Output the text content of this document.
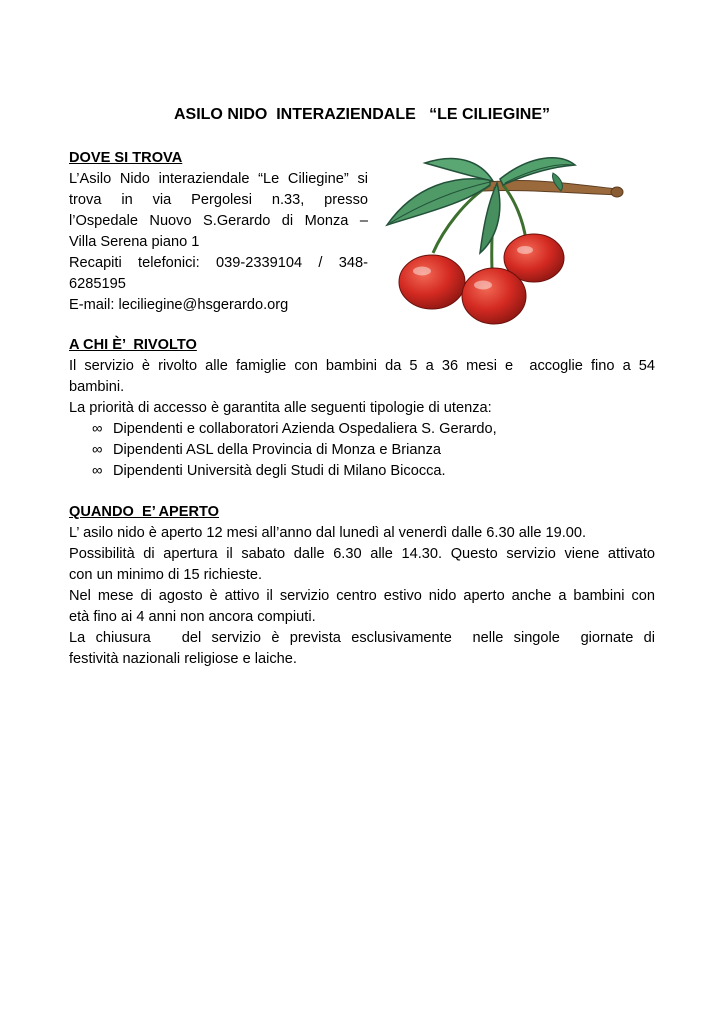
ASILO NIDO  INTERAZIENDALE   “LE CILIEGINE”
DOVE SI TROVA
L’Asilo Nido interaziendale “Le Ciliegine” si
trova in via Pergolesi n.33, presso
l’Ospedale Nuovo S.Gerardo di Monza –
Villa Serena piano 1
Recapiti telefonici: 039-2339104 / 348-
6285195
E-mail: leciliegine@hsgerardo.org
A CHI È’  RIVOLTO
Il servizio è rivolto alle famiglie con bambini da 5 a 36 mesi e  accoglie fino a 54
bambini.
La priorità di accesso è garantita alle seguenti tipologie di utenza:
∞ Dipendenti e collaboratori Azienda Ospedaliera S. Gerardo,
∞ Dipendenti ASL della Provincia di Monza e Brianza
∞ Dipendenti Università degli Studi di Milano Bicocca.
QUANDO  E’ APERTO
L’ asilo nido è aperto 12 mesi all’anno dal lunedì al venerdì dalle 6.30 alle 19.00.
Possibilità di apertura il sabato dalle 6.30 alle 14.30. Questo servizio viene attivato
con un minimo di 15 richieste.
Nel mese di agosto è attivo il servizio centro estivo nido aperto anche a bambini con
età fino ai 4 anni non ancora compiuti.
La chiusura   del servizio è prevista esclusivamente  nelle singole  giornate di
festività nazionali religiose e laiche.
